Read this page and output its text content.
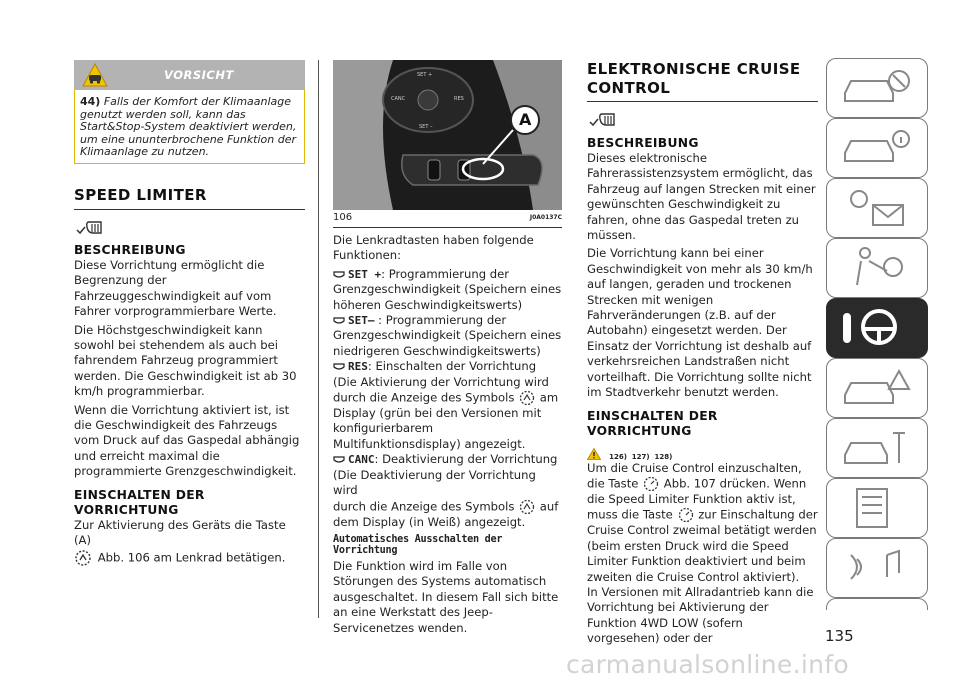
VORSICHT

44) Falls der Komfort der Klimaanlage genutzt werden soll, kann das Start&Stop-System deaktiviert werden, um eine ununterbrochene Funktion der Klimaanlage zu nutzen.

SPEED LIMITER
BESCHREIBUNG

Diese Vorrichtung ermöglicht die Begrenzung der Fahrzeuggeschwindigkeit auf vom Fahrer vorprogrammierbare Werte.

Die Höchstgeschwindigkeit kann sowohl bei stehendem als auch bei fahrendem Fahrzeug programmiert werden. Die Geschwindigkeit ist ab 30 km/h programmierbar.

Wenn die Vorrichtung aktiviert ist, ist die Geschwindigkeit des Fahrzeugs vom Druck auf das Gaspedal abhängig und erreicht maximal die programmierte Grenzgeschwindigkeit.

EINSCHALTEN DER VORRICHTUNG

Zur Aktivierung des Geräts die Taste (A)

Abb. 106 am Lenkrad betätigen.

A
SET +
CANC	RES
SET –
106	J0A0137C

Die Lenkradtasten haben folgende Funktionen:

SET +: Programmierung der Grenzgeschwindigkeit (Speichern eines höheren Geschwindigkeitswerts)

SET– : Programmierung der Grenzgeschwindigkeit (Speichern eines niedrigeren Geschwindigkeitswerts)

RES: Einschalten der Vorrichtung (Die Aktivierung der Vorrichtung wird

durch die Anzeige des Symbols am Display (grün bei den Versionen mit konfigurierbarem Multifunktionsdisplay) angezeigt.

CANC: Deaktivierung der Vorrichtung (Die Deaktivierung der Vorrichtung wird

durch die Anzeige des Symbols auf dem Display (in Weiß) angezeigt.

Automatisches Ausschalten der Vorrichtung

Die Funktion wird im Falle von Störungen des Systems automatisch ausgeschaltet. In diesem Fall sich bitte an eine Werkstatt des Jeep-Servicenetzes wenden.

ELEKTRONISCHE CRUISE
CONTROL
BESCHREIBUNG

Dieses elektronische Fahrerassistenzsystem ermöglicht, das Fahrzeug auf langen Strecken mit einer gewünschten Geschwindigkeit zu fahren, ohne das Gaspedal treten zu müssen.

Die Vorrichtung kann bei einer Geschwindigkeit von mehr als 30 km/h auf langen, geraden und trockenen Strecken mit wenigen Fahrveränderungen (z.B. auf der Autobahn) eingesetzt werden. Der Einsatz der Vorrichtung ist deshalb auf verkehrsreichen Landstraßen nicht vorteilhaft. Die Vorrichtung sollte nicht im Stadtverkehr benutzt werden.

EINSCHALTEN DER VORRICHTUNG
126)  127)  128)

Um die Cruise Control einzuschalten, die Taste Abb. 107 drücken. Wenn die Speed Limiter Funktion aktiv ist, muss die Taste zur Einschaltung der Cruise Control zweimal betätigt werden (beim ersten Druck wird die Speed Limiter Funktion deaktiviert und beim zweiten die Cruise Control aktiviert).

In Versionen mit Allradantrieb kann die Vorrichtung bei Aktivierung der Funktion 4WD LOW (sofern vorgesehen) oder der	135
carmanualsonline.info
